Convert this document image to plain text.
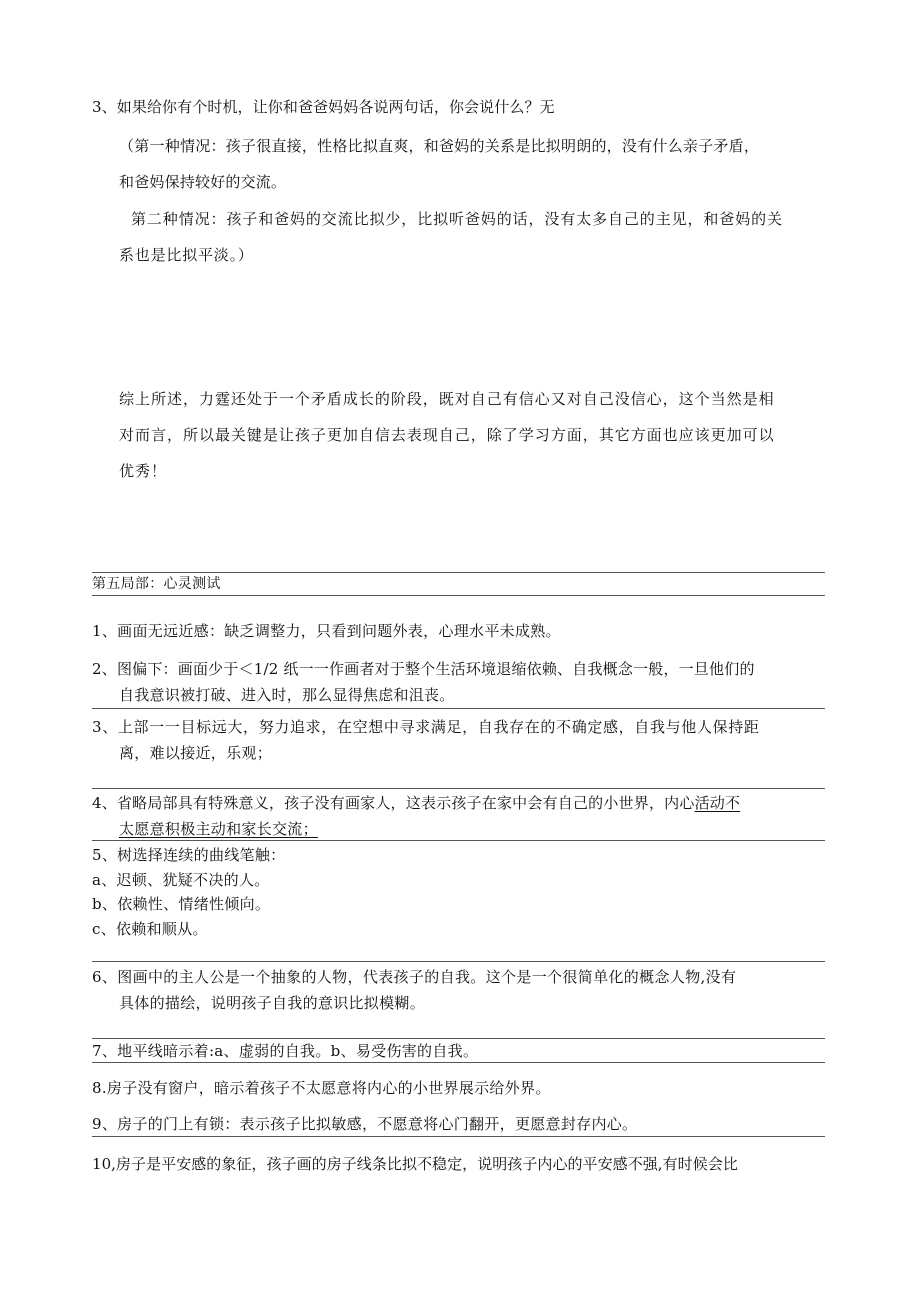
3、如果给你有个时机，让你和爸爸妈妈各说两句话，你会说什么？无

（第一种情况：孩子很直接，性格比拟直爽，和爸妈的关系是比拟明朗的，没有什么亲子矛盾，

和爸妈保持较好的交流。

第二种情况：孩子和爸妈的交流比拟少，比拟听爸妈的话，没有太多自己的主见，和爸妈的关

系也是比拟平淡。）

综上所述，力霆还处于一个矛盾成长的阶段，既对自己有信心又对自己没信心，这个当然是相

对而言，所以最关键是让孩子更加自信去表现自己，除了学习方面，其它方面也应该更加可以

优秀！

第五局部：心灵测试

1、画面无远近感：缺乏调整力，只看到问题外表，心理水平未成熟。

2、图偏下：画面少于＜1/2 纸一一作画者对于整个生活环境退缩依赖、自我概念一般，一旦他们的

自我意识被打破、进入时，那么显得焦虑和沮丧。

3、上部一一目标远大，努力追求，在空想中寻求满足，自我存在的不确定感，自我与他人保持距

离，难以接近，乐观；

4、省略局部具有特殊意义，孩子没有画家人，这表示孩子在家中会有自己的小世界，内心活动不

太愿意积极主动和家长交流；

5、树选择连续的曲线笔触：

a、迟顿、犹疑不决的人。

b、依赖性、情绪性倾向。

c、依赖和顺从。

6、图画中的主人公是一个抽象的人物，代表孩子的自我。这个是一个很简单化的概念人物,没有

具体的描绘，说明孩子自我的意识比拟模糊。

7、地平线暗示着:a、虚弱的自我。b、易受伤害的自我。

8.房子没有窗户，暗示着孩子不太愿意将内心的小世界展示给外界。

9、房子的门上有锁：表示孩子比拟敏感，不愿意将心门翻开，更愿意封存内心。

10,房子是平安感的象征，孩子画的房子线条比拟不稳定，说明孩子内心的平安感不强,有时候会比
